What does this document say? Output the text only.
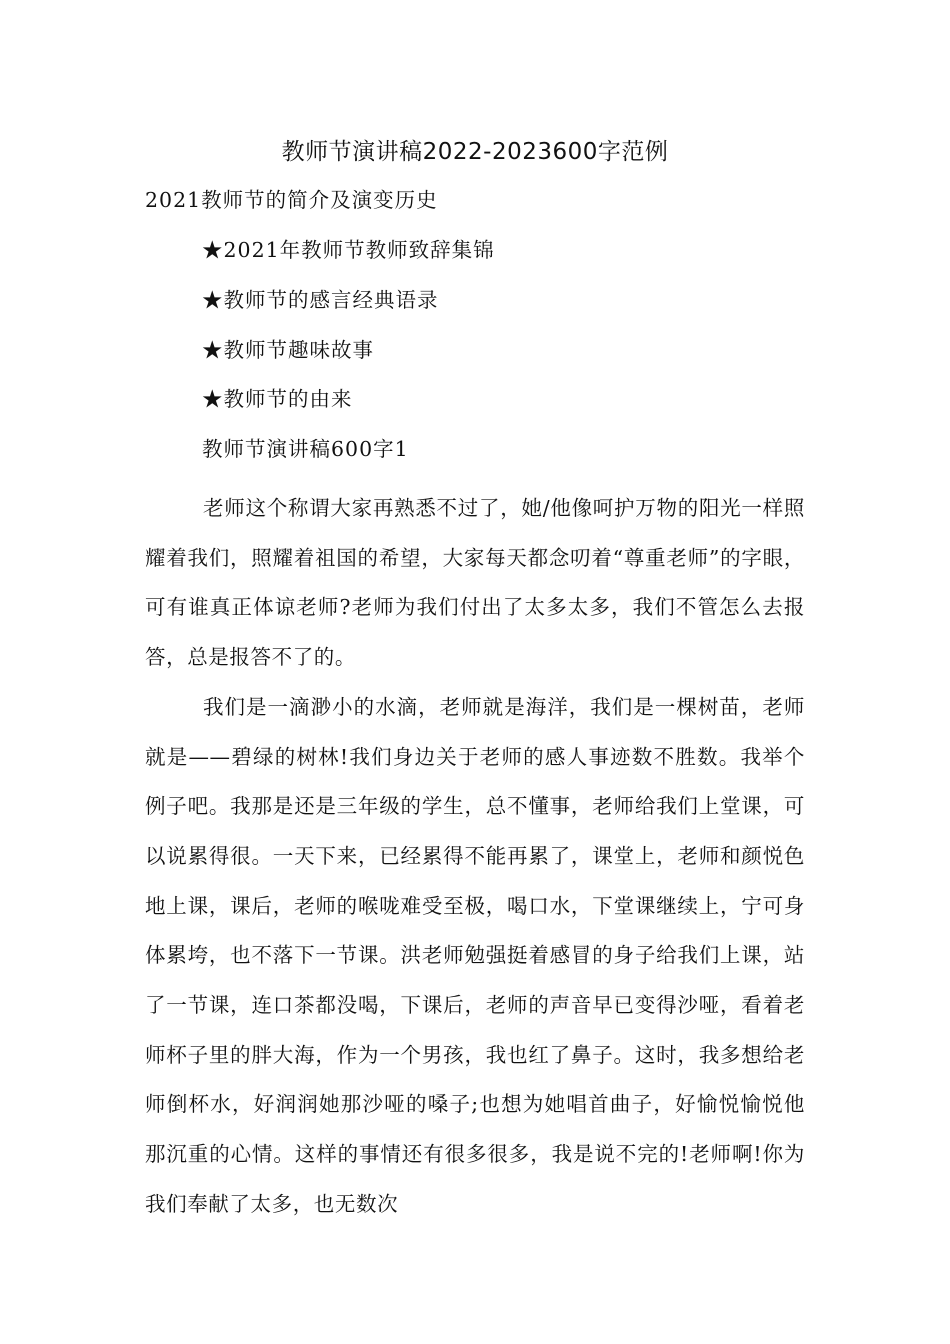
教师节演讲稿2022-2023600字范例
2021教师节的简介及演变历史
★2021年教师节教师致辞集锦
★教师节的感言经典语录
★教师节趣味故事
★教师节的由来
教师节演讲稿600字1

老师这个称谓大家再熟悉不过了，她/他像呵护万物的阳光一样照耀着我们，照耀着祖国的希望，大家每天都念叨着“尊重老师”的字眼，可有谁真正体谅老师?老师为我们付出了太多太多，我们不管怎么去报答，总是报答不了的。

我们是一滴渺小的水滴，老师就是海洋，我们是一棵树苗，老师就是——碧绿的树林!我们身边关于老师的感人事迹数不胜数。我举个例子吧。我那是还是三年级的学生，总不懂事，老师给我们上堂课，可以说累得很。一天下来，已经累得不能再累了，课堂上，老师和颜悦色地上课，课后，老师的喉咙难受至极，喝口水，下堂课继续上，宁可身体累垮，也不落下一节课。洪老师勉强挺着感冒的身子给我们上课，站了一节课，连口茶都没喝，下课后，老师的声音早已变得沙哑，看着老师杯子里的胖大海，作为一个男孩，我也红了鼻子。这时，我多想给老师倒杯水，好润润她那沙哑的嗓子;也想为她唱首曲子，好愉悦愉悦他那沉重的心情。这样的事情还有很多很多，我是说不完的!老师啊!你为我们奉献了太多，也无数次
